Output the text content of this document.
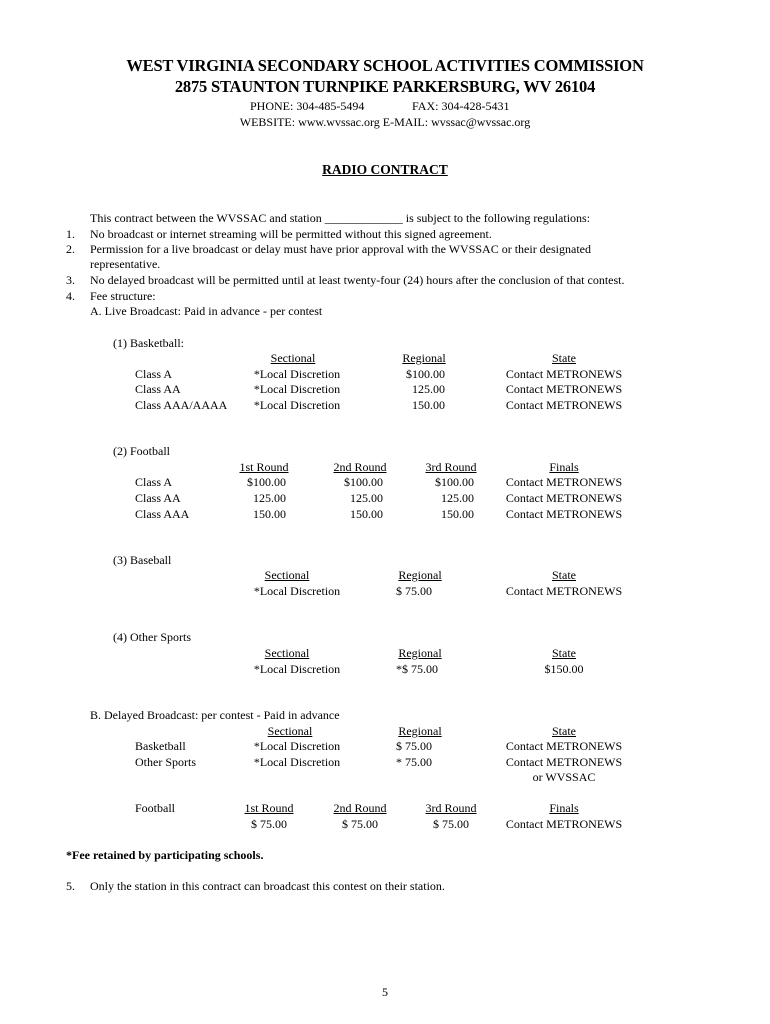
WEST VIRGINIA SECONDARY SCHOOL ACTIVITIES COMMISSION
2875 STAUNTON TURNPIKE PARKERSBURG, WV 26104
PHONE: 304-485-5494	FAX: 304-428-5431
WEBSITE: www.wvssac.org E-MAIL: wvssac@wvssac.org
RADIO CONTRACT
This contract between the WVSSAC and station _____________ is subject to the following regulations:
1. No broadcast or internet streaming will be permitted without this signed agreement.
2. Permission for a live broadcast or delay must have prior approval with the WVSSAC or their designated
representative.
3. No delayed broadcast will be permitted until at least twenty-four (24) hours after the conclusion of that contest.
4. Fee structure:
A. Live Broadcast: Paid in advance - per contest
(1) Basketball:
Sectional	Regional	State
Class A	*Local Discretion	$100.00	Contact METRONEWS
Class AA	*Local Discretion	125.00	Contact METRONEWS
Class AAA/AAAA	*Local Discretion	150.00	Contact METRONEWS
(2) Football
1st Round	2nd Round	3rd Round	Finals
Class A	$100.00	$100.00	$100.00	Contact METRONEWS
Class AA	125.00	125.00	125.00	Contact METRONEWS
Class AAA	150.00	150.00	150.00	Contact METRONEWS
(3) Baseball
Sectional	Regional	State
*Local Discretion	$ 75.00	Contact METRONEWS
(4) Other Sports
Sectional	Regional	State
*Local Discretion	*$ 75.00	$150.00
B. Delayed Broadcast: per contest - Paid in advance
Sectional	Regional	State
Basketball	*Local Discretion	$ 75.00	Contact METRONEWS
Other Sports	*Local Discretion	* 75.00	Contact METRONEWS
or WVSSAC
Football	1st Round	2nd Round	3rd Round	Finals
$ 75.00	$ 75.00	$ 75.00	Contact METRONEWS
*Fee retained by participating schools.
5. Only the station in this contract can broadcast this contest on their station.
5
